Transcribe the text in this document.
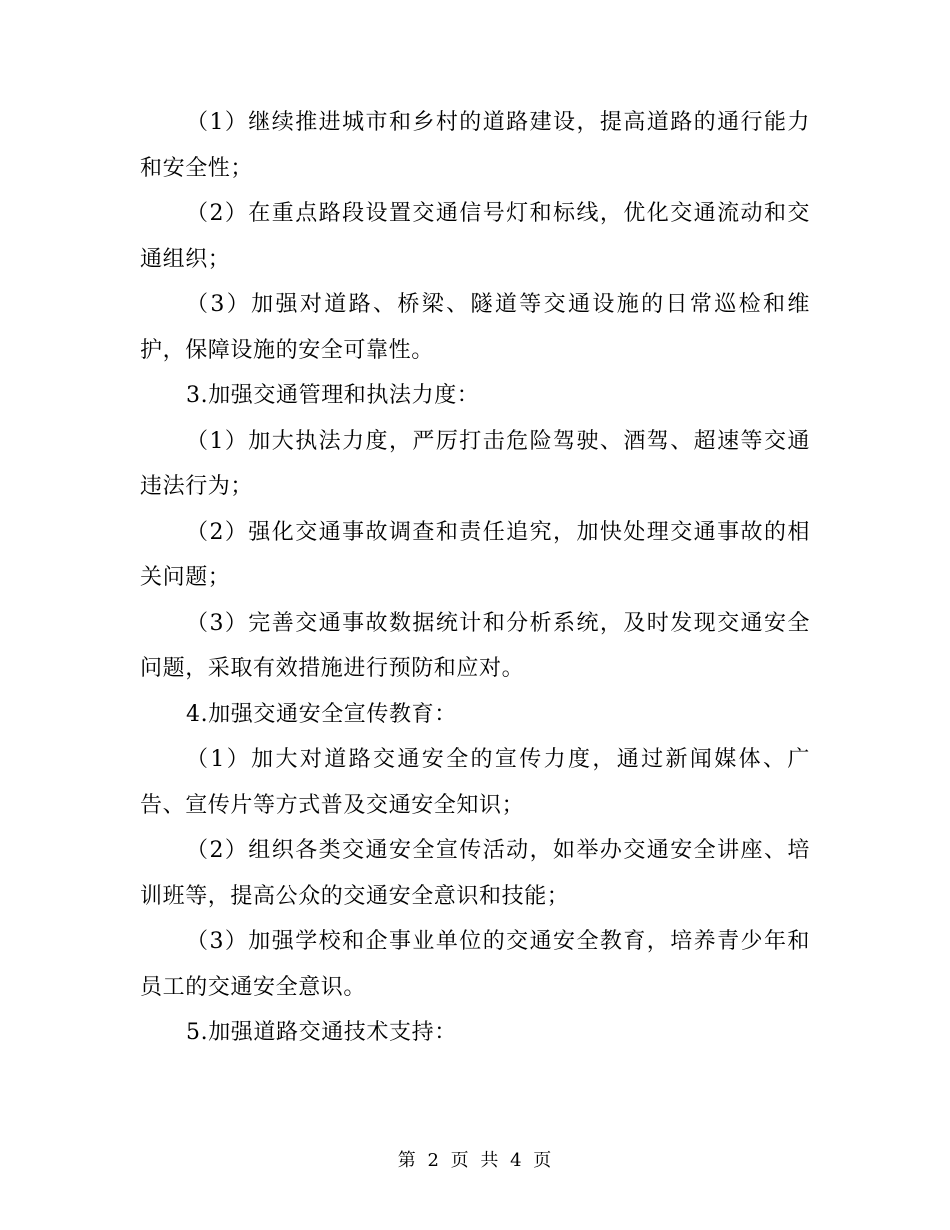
（1）继续推进城市和乡村的道路建设，提高道路的通行能力和安全性；

（2）在重点路段设置交通信号灯和标线，优化交通流动和交通组织；

（3）加强对道路、桥梁、隧道等交通设施的日常巡检和维护，保障设施的安全可靠性。

3.加强交通管理和执法力度：

（1）加大执法力度，严厉打击危险驾驶、酒驾、超速等交通违法行为；

（2）强化交通事故调查和责任追究，加快处理交通事故的相关问题；

（3）完善交通事故数据统计和分析系统，及时发现交通安全问题，采取有效措施进行预防和应对。

4.加强交通安全宣传教育：

（1）加大对道路交通安全的宣传力度，通过新闻媒体、广告、宣传片等方式普及交通安全知识；

（2）组织各类交通安全宣传活动，如举办交通安全讲座、培训班等，提高公众的交通安全意识和技能；

（3）加强学校和企事业单位的交通安全教育，培养青少年和员工的交通安全意识。

5.加强道路交通技术支持：

第 2 页 共 4 页
